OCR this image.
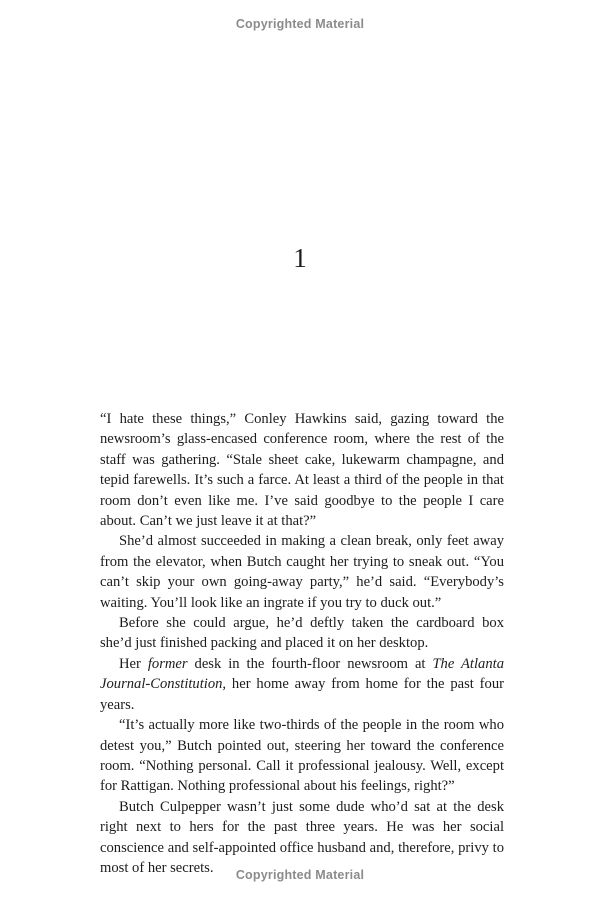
Copyrighted Material
1

“I hate these things,” Conley Hawkins said, gazing toward the newsroom’s glass-encased conference room, where the rest of the staff was gathering. “Stale sheet cake, lukewarm champagne, and tepid farewells. It’s such a farce. At least a third of the people in that room don’t even like me. I’ve said goodbye to the people I care about. Can’t we just leave it at that?”

She’d almost succeeded in making a clean break, only feet away from the elevator, when Butch caught her trying to sneak out. “You can’t skip your own going-away party,” he’d said. “Everybody’s waiting. You’ll look like an ingrate if you try to duck out.”

Before she could argue, he’d deftly taken the cardboard box she’d just finished packing and placed it on her desktop.

Her former desk in the fourth-floor newsroom at The Atlanta Journal-Constitution, her home away from home for the past four years.

“It’s actually more like two-thirds of the people in the room who detest you,” Butch pointed out, steering her toward the conference room. “Nothing personal. Call it professional jealousy. Well, except for Rattigan. Nothing professional about his feelings, right?”

Butch Culpepper wasn’t just some dude who’d sat at the desk right next to hers for the past three years. He was her social conscience and self-appointed office husband and, therefore, privy to most of her secrets.	Copyrighted Material
